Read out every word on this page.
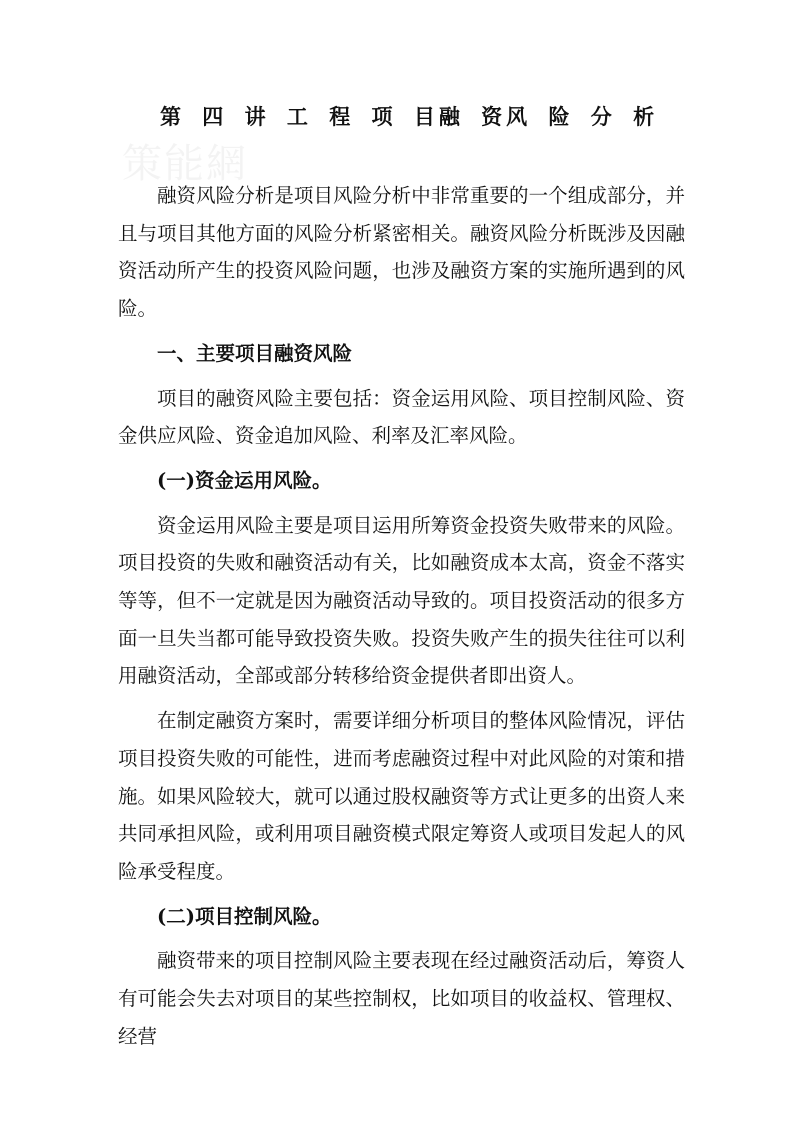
策能網
第 四 讲 工 程 项 目融 资风 险 分 析

融资风险分析是项目风险分析中非常重要的一个组成部分，并且与项目其他方面的风险分析紧密相关。融资风险分析既涉及因融资活动所产生的投资风险问题，也涉及融资方案的实施所遇到的风险。

一、主要项目融资风险

项目的融资风险主要包括：资金运用风险、项目控制风险、资金供应风险、资金追加风险、利率及汇率风险。

(一)资金运用风险。

资金运用风险主要是项目运用所筹资金投资失败带来的风险。项目投资的失败和融资活动有关，比如融资成本太高，资金不落实等等，但不一定就是因为融资活动导致的。项目投资活动的很多方面一旦失当都可能导致投资失败。投资失败产生的损失往往可以利用融资活动，全部或部分转移给资金提供者即出资人。

在制定融资方案时，需要详细分析项目的整体风险情况，评估项目投资失败的可能性，进而考虑融资过程中对此风险的对策和措施。如果风险较大，就可以通过股权融资等方式让更多的出资人来共同承担风险，或利用项目融资模式限定筹资人或项目发起人的风险承受程度。

(二)项目控制风险。

融资带来的项目控制风险主要表现在经过融资活动后，筹资人有可能会失去对项目的某些控制权，比如项目的收益权、管理权、经营
